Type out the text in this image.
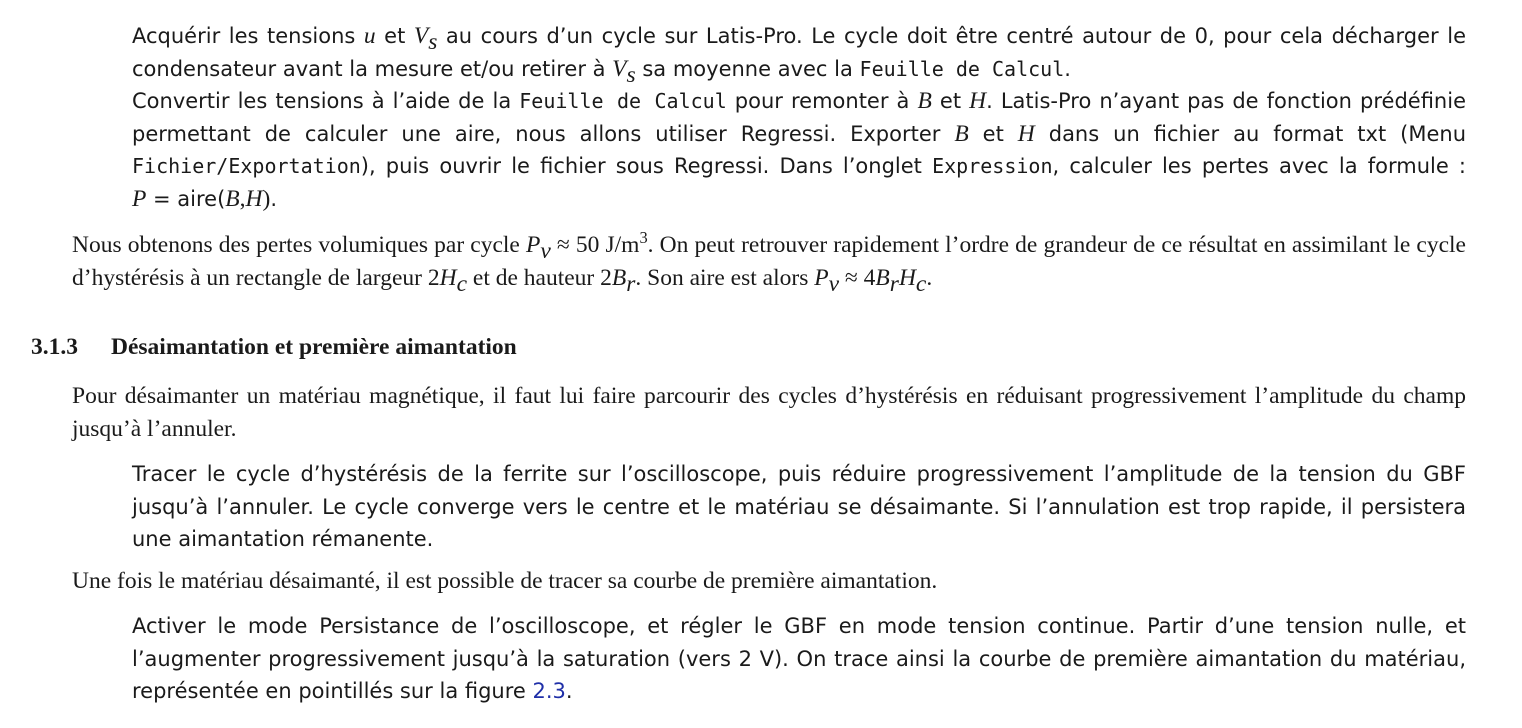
Acquérir les tensions u et $V_s$ au cours d’un cycle sur Latis-Pro. Le cycle doit être centré autour de 0, pour cela décharger le condensateur avant la mesure et/ou retirer à $V_s$ sa moyenne avec la Feuille de Calcul.
Convertir les tensions à l’aide de la Feuille de Calcul pour remonter à B et H. Latis-Pro n’ayant pas de fonction prédéfinie permettant de calculer une aire, nous allons utiliser Regressi. Exporter B et H dans un fichier au format txt (Menu Fichier/Exportation), puis ouvrir le fichier sous Regressi. Dans l’onglet Expression, calculer les pertes avec la formule : P = aire(B,H).
Nous obtenons des pertes volumiques par cycle $P_v \approx 50$ $J/m^3$. On peut retrouver rapidement l’ordre de grandeur de ce résultat en assimilant le cycle d’hystérésis à un rectangle de largeur $2H_c$ et de hauteur $2B_r$. Son aire est alors $P_v \approx 4B_rH_c$.
3.1.3 Désaimantation et première aimantation
Pour désaimanter un matériau magnétique, il faut lui faire parcourir des cycles d’hystérésis en réduisant progressivement l’amplitude du champ jusqu’à l’annuler.
Tracer le cycle d’hystérésis de la ferrite sur l’oscilloscope, puis réduire progressivement l’amplitude de la tension du GBF jusqu’à l’annuler. Le cycle converge vers le centre et le matériau se désaimante. Si l’annulation est trop rapide, il persistera une aimantation rémanente.
Une fois le matériau désaimanté, il est possible de tracer sa courbe de première aimantation.
Activer le mode Persistance de l’oscilloscope, et régler le GBF en mode tension continue. Partir d’une tension nulle, et l’augmenter progressivement jusqu’à la saturation (vers 2 V). On trace ainsi la courbe de première aimantation du matériau, représentée en pointillés sur la figure 2.3.
